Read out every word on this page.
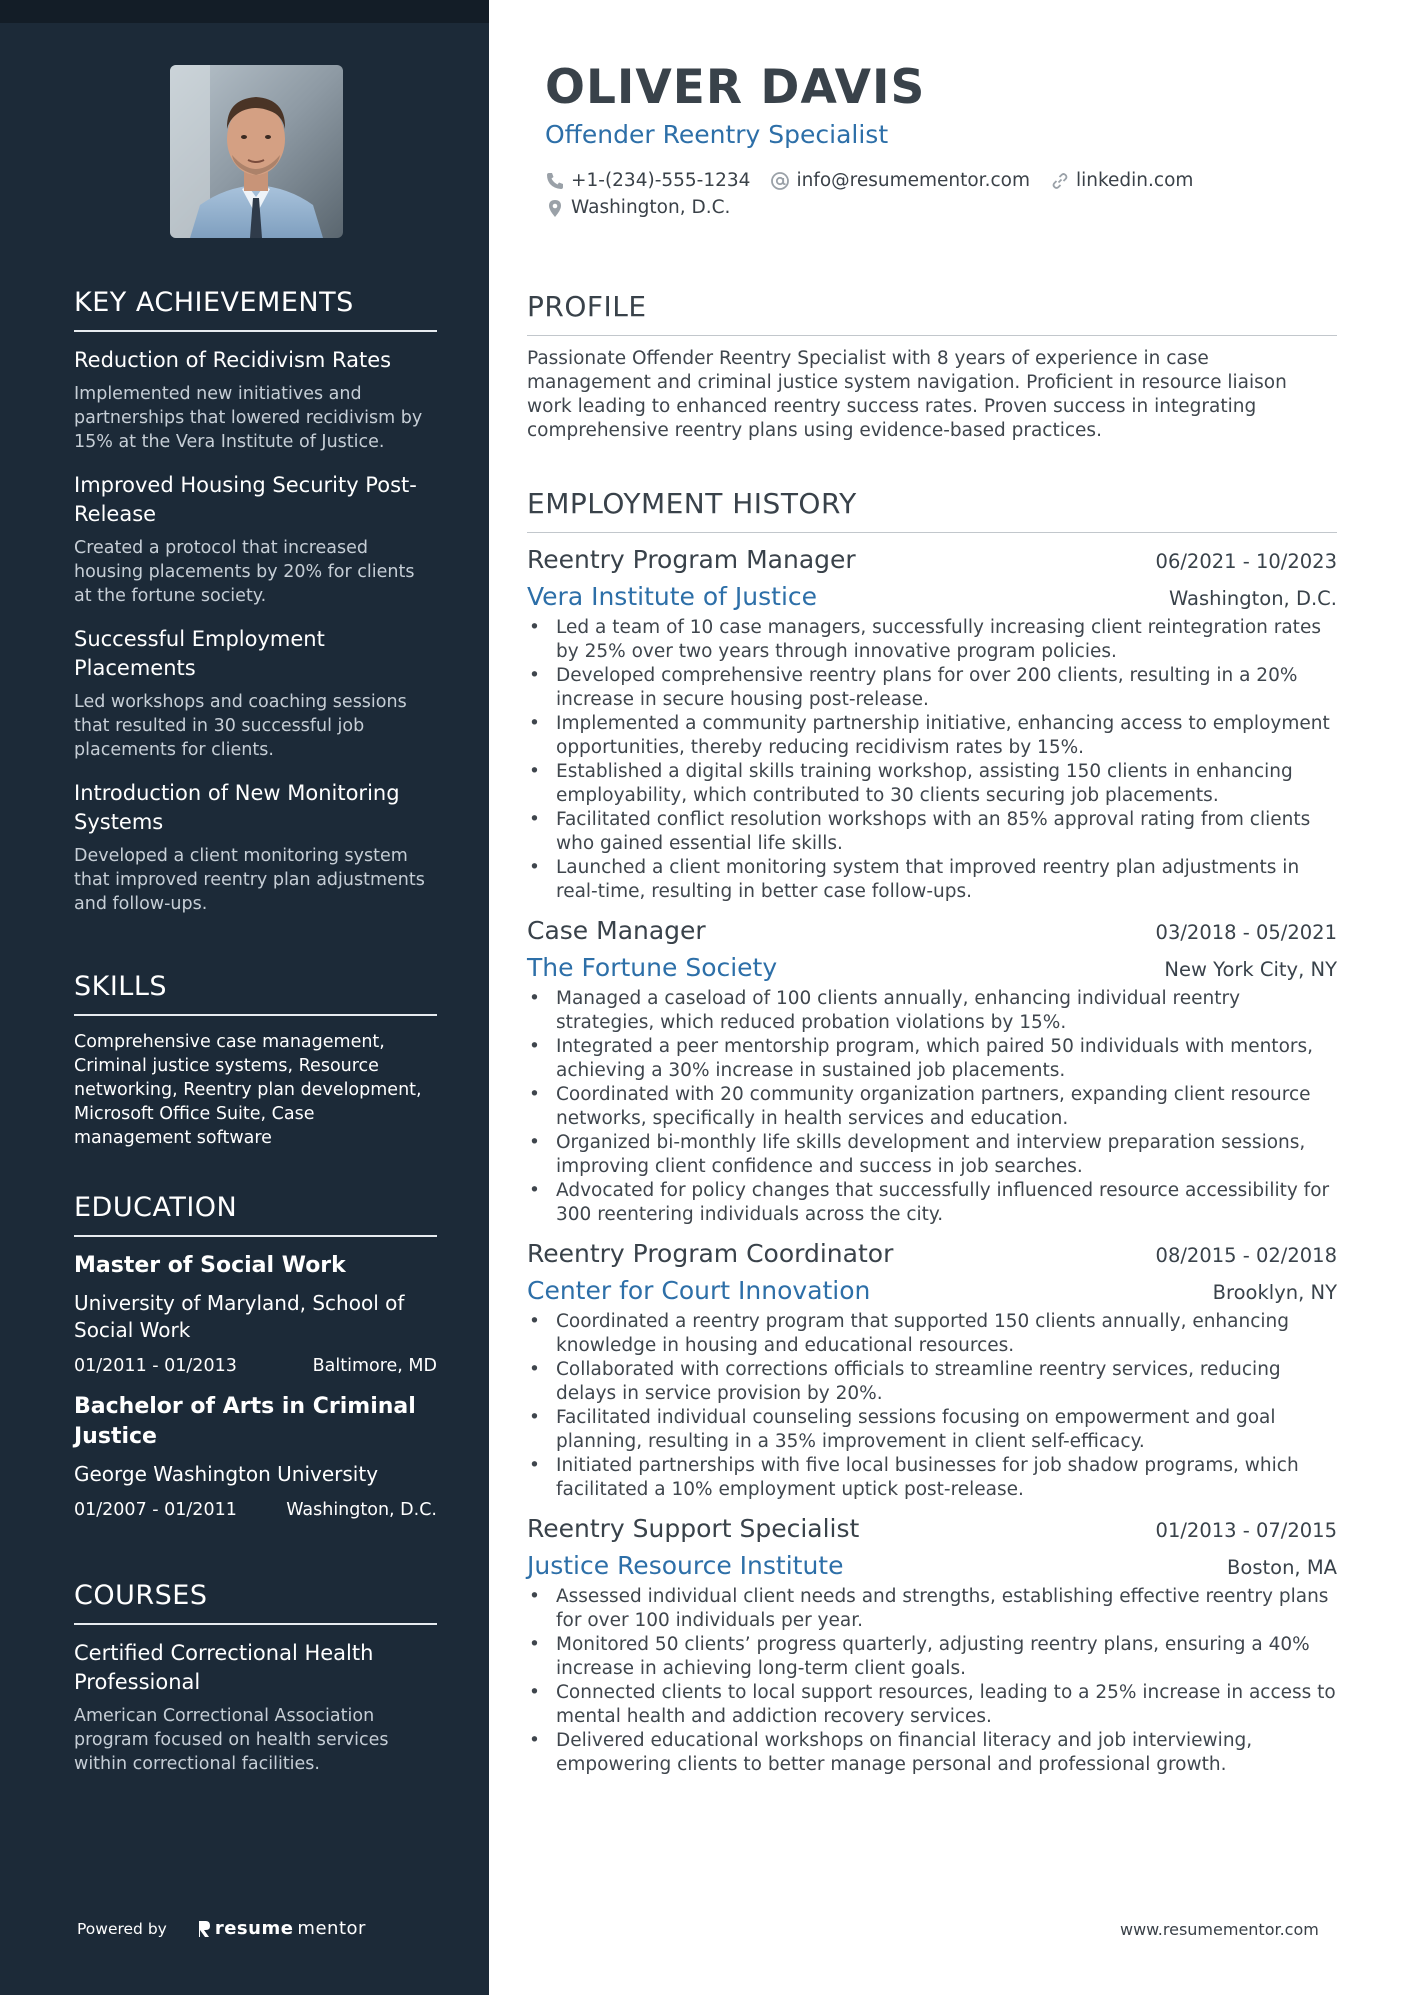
KEY ACHIEVEMENTS
Reduction of Recidivism Rates
Implemented new initiatives and partnerships that lowered recidivism by 15% at the Vera Institute of Justice.
Improved Housing Security Post-Release
Created a protocol that increased housing placements by 20% for clients at the fortune society.
Successful Employment Placements
Led workshops and coaching sessions that resulted in 30 successful job placements for clients.
Introduction of New Monitoring Systems
Developed a client monitoring system that improved reentry plan adjustments and follow-ups.
SKILLS
Comprehensive case management, Criminal justice systems, Resource networking, Reentry plan development, Microsoft Office Suite, Case management software
EDUCATION
Master of Social Work
University of Maryland, School of Social Work
01/2011 - 01/2013	Baltimore, MD
Bachelor of Arts in Criminal Justice
George Washington University
01/2007 - 01/2011	Washington, D.C.
COURSES
Certified Correctional Health Professional
American Correctional Association program focused on health services within correctional facilities.
Powered by	resume mentor
OLIVER DAVIS
Offender Reentry Specialist
+1-(234)-555-1234 info@resumementor.com linkedin.com
Washington, D.C.
PROFILE

Passionate Offender Reentry Specialist with 8 years of experience in case management and criminal justice system navigation. Proficient in resource liaison work leading to enhanced reentry success rates. Proven success in integrating comprehensive reentry plans using evidence-based practices.

EMPLOYMENT HISTORY
Reentry Program Manager	06/2021 - 10/2023
Vera Institute of Justice	Washington, D.C.
• Led a team of 10 case managers, successfully increasing client reintegration rates by 25% over two years through innovative program policies.
• Developed comprehensive reentry plans for over 200 clients, resulting in a 20% increase in secure housing post-release.
• Implemented a community partnership initiative, enhancing access to employment opportunities, thereby reducing recidivism rates by 15%.
• Established a digital skills training workshop, assisting 150 clients in enhancing employability, which contributed to 30 clients securing job placements.
• Facilitated conflict resolution workshops with an 85% approval rating from clients who gained essential life skills.
• Launched a client monitoring system that improved reentry plan adjustments in real-time, resulting in better case follow-ups.
Case Manager	03/2018 - 05/2021
The Fortune Society	New York City, NY
• Managed a caseload of 100 clients annually, enhancing individual reentry strategies, which reduced probation violations by 15%.
• Integrated a peer mentorship program, which paired 50 individuals with mentors, achieving a 30% increase in sustained job placements.
• Coordinated with 20 community organization partners, expanding client resource networks, specifically in health services and education.
• Organized bi-monthly life skills development and interview preparation sessions, improving client confidence and success in job searches.
• Advocated for policy changes that successfully influenced resource accessibility for 300 reentering individuals across the city.
Reentry Program Coordinator	08/2015 - 02/2018
Center for Court Innovation	Brooklyn, NY
• Coordinated a reentry program that supported 150 clients annually, enhancing knowledge in housing and educational resources.
• Collaborated with corrections officials to streamline reentry services, reducing delays in service provision by 20%.
• Facilitated individual counseling sessions focusing on empowerment and goal planning, resulting in a 35% improvement in client self-efficacy.
• Initiated partnerships with five local businesses for job shadow programs, which facilitated a 10% employment uptick post-release.
Reentry Support Specialist	01/2013 - 07/2015
Justice Resource Institute	Boston, MA
• Assessed individual client needs and strengths, establishing effective reentry plans for over 100 individuals per year.
• Monitored 50 clients’ progress quarterly, adjusting reentry plans, ensuring a 40% increase in achieving long-term client goals.
• Connected clients to local support resources, leading to a 25% increase in access to mental health and addiction recovery services.
• Delivered educational workshops on financial literacy and job interviewing, empowering clients to better manage personal and professional growth.
www.resumementor.com
